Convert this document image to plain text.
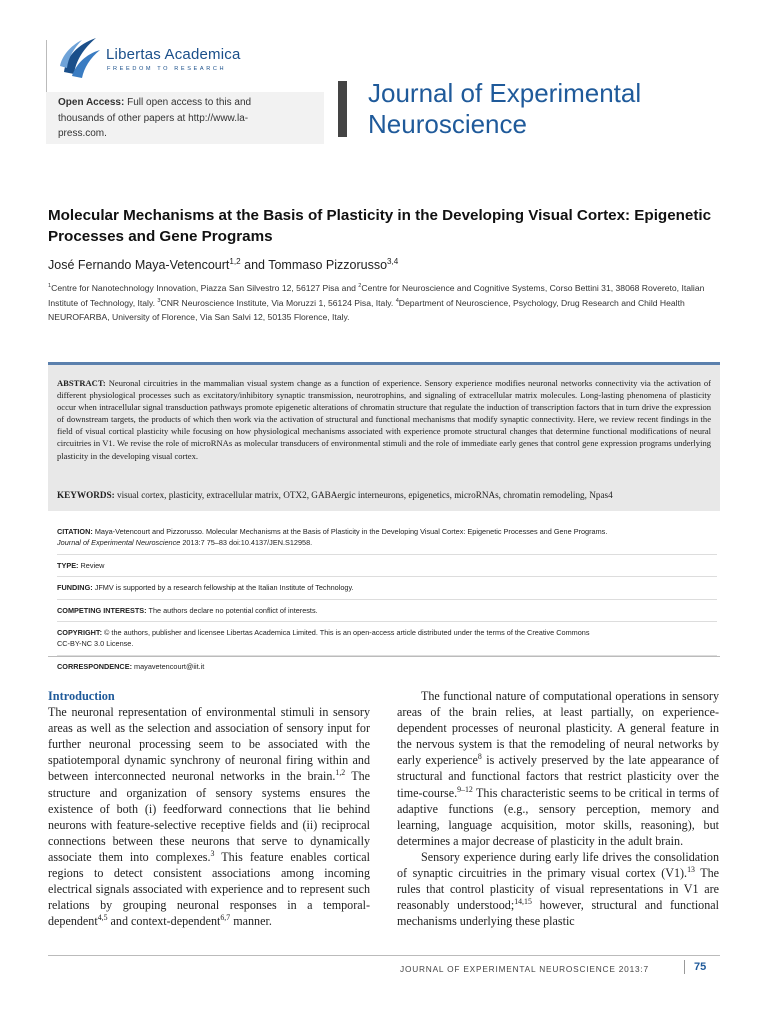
Libertas Academica
FREEDOM TO RESEARCH
Open Access: Full open access to this and thousands of other papers at http://www.la-press.com.
Journal of Experimental
Neuroscience
Molecular Mechanisms at the Basis of Plasticity in the Developing Visual Cortex: Epigenetic Processes and Gene Programs
José Fernando Maya-Vetencourt$^{1,2}$ and Tommaso Pizzorusso$^{3,4}$
$^1$Centre for Nanotechnology Innovation, Piazza San Silvestro 12, 56127 Pisa and $^2$Centre for Neuroscience and Cognitive Systems, Corso Bettini 31, 38068 Rovereto, Italian Institute of Technology, Italy. $^3$CNR Neuroscience Institute, Via Moruzzi 1, 56124 Pisa, Italy. $^4$Department of Neuroscience, Psychology, Drug Research and Child Health NEUROFARBA, University of Florence, Via San Salvi 12, 50135 Florence, Italy.
ABSTRACT: Neuronal circuitries in the mammalian visual system change as a function of experience. Sensory experience modifies neuronal networks connectivity via the activation of different physiological processes such as excitatory/inhibitory synaptic transmission, neurotrophins, and signaling of extracellular matrix molecules. Long-lasting phenomena of plasticity occur when intracellular signal transduction pathways promote epigenetic alterations of chromatin structure that regulate the induction of transcription factors that in turn drive the expression of downstream targets, the products of which then work via the activation of structural and functional mechanisms that modify synaptic connectivity. Here, we review recent findings in the field of visual cortical plasticity while focusing on how physiological mechanisms associated with experience promote structural changes that determine functional modifications of neural circuitries in V1. We revise the role of microRNAs as molecular transducers of environmental stimuli and the role of immediate early genes that control gene expression programs underlying plasticity in the developing visual cortex.
KEYWORDS: visual cortex, plasticity, extracellular matrix, OTX2, GABAergic interneurons, epigenetics, microRNAs, chromatin remodeling, Npas4
CITATION: Maya-Vetencourt and Pizzorusso. Molecular Mechanisms at the Basis of Plasticity in the Developing Visual Cortex: Epigenetic Processes and Gene Programs.
Journal of Experimental Neuroscience 2013:7 75–83 doi:10.4137/JEN.S12958.
TYPE: Review
FUNDING: JFMV is supported by a research fellowship at the Italian Institute of Technology.
COMPETING INTERESTS: The authors declare no potential conflict of interests.
COPYRIGHT: © the authors, publisher and licensee Libertas Academica Limited. This is an open-access article distributed under the terms of the Creative Commons
CC-BY-NC 3.0 License.
CORRESPONDENCE: mayavetencourt@iit.it
Introduction
The neuronal representation of environmental stimuli in sensory areas as well as the selection and association of sensory input for further neuronal processing seem to be associated with the spatiotemporal dynamic synchrony of neuronal firing within and between interconnected neuronal networks in the brain.$^{1,2}$ The structure and organization of sensory systems ensures the existence of both (i) feedforward connections that lie behind neurons with feature-selective receptive fields and (ii) reciprocal connections between these neurons that serve to dynamically associate them into complexes.$^3$ This feature enables cortical regions to detect consistent associations among incoming electrical signals associated with experience and to represent such relations by grouping neuronal responses in a temporal-dependent$^{4,5}$ and context-dependent$^{6,7}$ manner.
The functional nature of computational operations in sensory areas of the brain relies, at least partially, on experience-dependent processes of neuronal plasticity. A general feature in the nervous system is that the remodeling of neural networks by early experience$^8$ is actively preserved by the late appearance of structural and functional factors that restrict plasticity over the time-course.$^{9-12}$ This characteristic seems to be critical in terms of adaptive functions (e.g., sensory perception, memory and learning, language acquisition, motor skills, reasoning), but determines a major decrease of plasticity in the adult brain.
Sensory experience during early life drives the consolidation of synaptic circuitries in the primary visual cortex (V1).$^{13}$ The rules that control plasticity of visual representations in V1 are reasonably understood;$^{14,15}$ however, structural and functional mechanisms underlying these plastic
JOURNAL OF EXPERIMENTAL NEUROSCIENCE 2013:7	75
